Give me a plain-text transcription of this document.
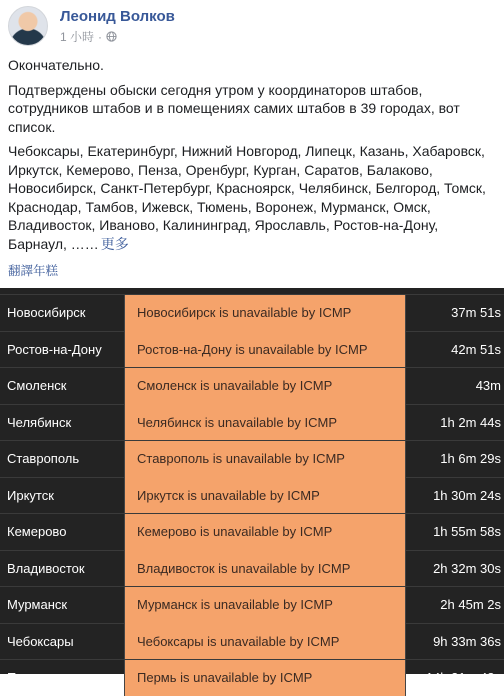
Леонид Волков
1 小時 ·

Окончательно.

Подтверждены обыски сегодня утром у координаторов штабов, сотрудников штабов и в помещениях самих штабов в 39 городах, вот список.

Чебоксары, Екатеринбург, Нижний Новгород, Липецк, Казань, Хабаровск, Иркутск, Кемерово, Пенза, Оренбург, Курган, Саратов, Балаково, Новосибирск, Санкт-Петербург, Красноярск, Челябинск, Белгород, Томск, Краснодар, Тамбов, Ижевск, Тюмень, Воронеж, Мурманск, Омск, Владивосток, Иваново, Калининград, Ярославль, Ростов-на-Дону, Барнаул, …… 更多

翻譯年糕
Новосибирск	Новосибирск is unavailable by ICMP	37m 51s
Ростов-на-Дону	Ростов-на-Дону is unavailable by ICMP	42m 51s
Смоленск	Смоленск is unavailable by ICMP	43m
Челябинск	Челябинск is unavailable by ICMP	1h 2m 44s
Ставрополь	Ставрополь is unavailable by ICMP	1h 6m 29s
Иркутск	Иркутск is unavailable by ICMP	1h 30m 24s
Кемерово	Кемерово is unavailable by ICMP	1h 55m 58s
Владивосток	Владивосток is unavailable by ICMP	2h 32m 30s
Мурманск	Мурманск is unavailable by ICMP	2h 45m 2s
Чебоксары	Чебоксары is unavailable by ICMP	9h 33m 36s
Пермь	Пермь is unavailable by ICMP	14h 31m 48s
